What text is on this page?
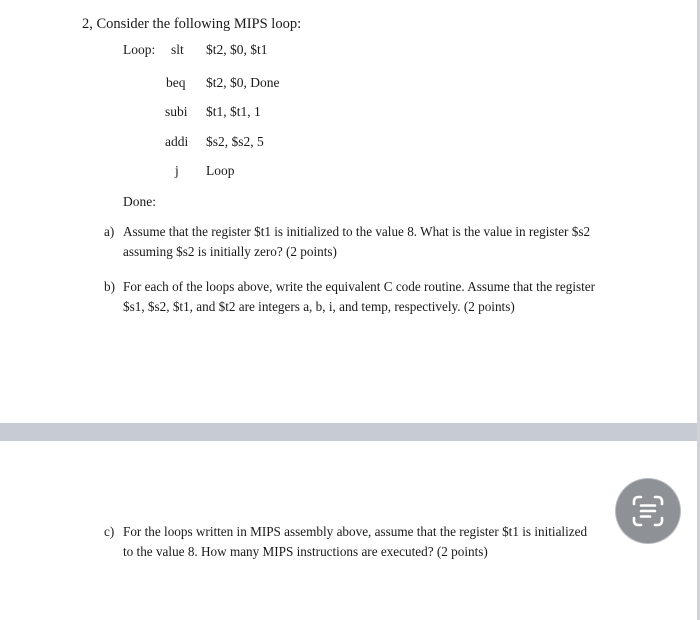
2, Consider the following MIPS loop:
Loop: slt $t2, $0, $t1
beq $t2, $0, Done
subi $t1, $t1, 1
addi $s2, $s2, 5
j Loop
Done:
a) Assume that the register $t1 is initialized to the value 8. What is the value in register $s2
assuming $s2 is initially zero? (2 points)
b) For each of the loops above, write the equivalent C code routine. Assume that the register
$s1, $s2, $t1, and $t2 are integers a, b, i, and temp, respectively. (2 points)
c) For the loops written in MIPS assembly above, assume that the register $t1 is initialized
to the value 8. How many MIPS instructions are executed? (2 points)
